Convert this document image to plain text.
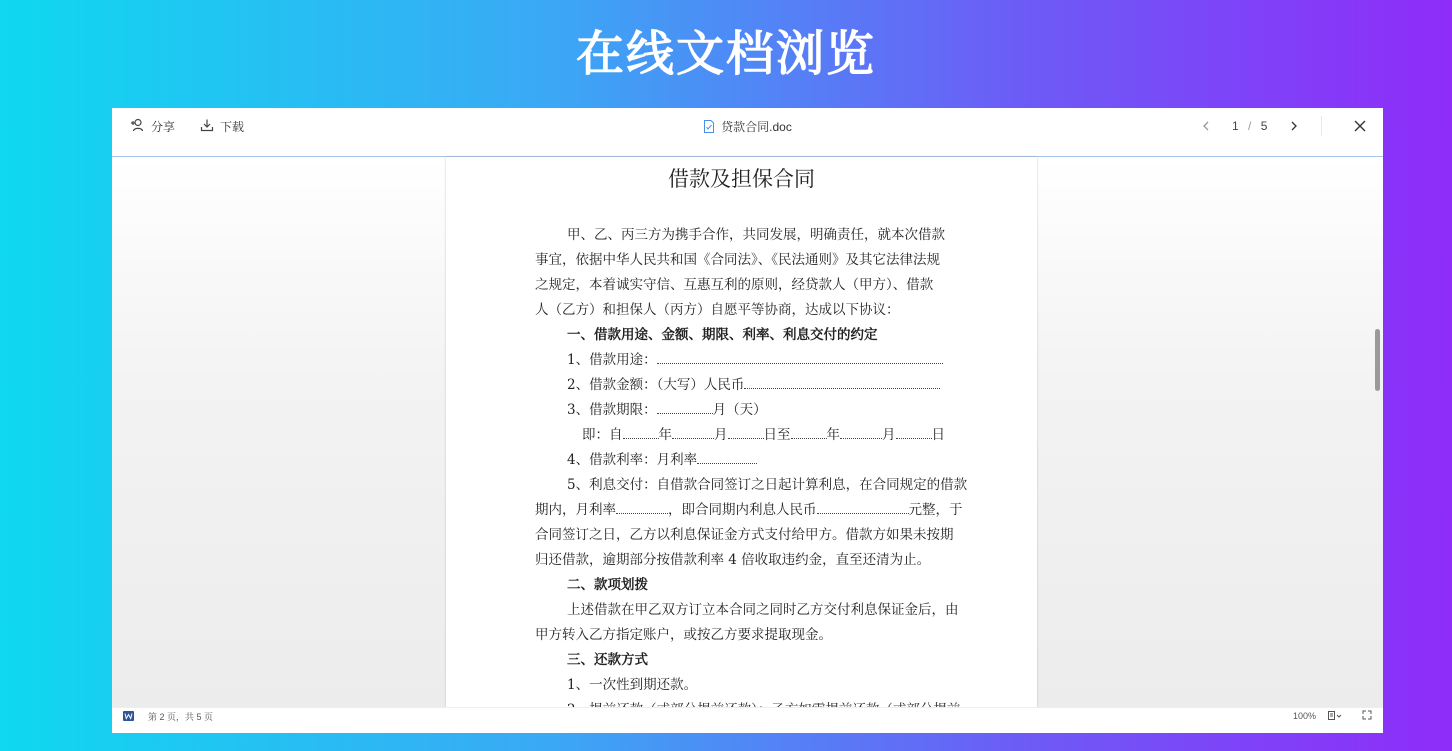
在线文档浏览
分享	下载	贷款合同.doc	1 / 5
借款及担保合同
甲、乙、丙三方为携手合作，共同发展，明确责任，就本次借款
事宜，依据中华人民共和国《合同法》、《民法通则》及其它法律法规
之规定，本着诚实守信、互惠互利的原则，经贷款人（甲方）、借款
人（乙方）和担保人（丙方）自愿平等协商，达成以下协议：
一、借款用途、金额、期限、利率、利息交付的约定
1、借款用途：
2、借款金额：（大写）人民币
3、借款期限：	月（天）
即：自	年	月	日至	年	月	日
4、借款利率：月利率
5、利息交付：自借款合同签订之日起计算利息，在合同规定的借款
期内，月利率	，即合同期内利息人民币	元整，于
合同签订之日，乙方以利息保证金方式支付给甲方。借款方如果未按期
归还借款，逾期部分按借款利率 4 倍收取违约金，直至还清为止。
二、款项划拨
上述借款在甲乙双方订立本合同之同时乙方交付利息保证金后，由
甲方转入乙方指定账户，或按乙方要求提取现金。
三、还款方式
1、一次性到期还款。
第 2 页，共 5 页	100%
